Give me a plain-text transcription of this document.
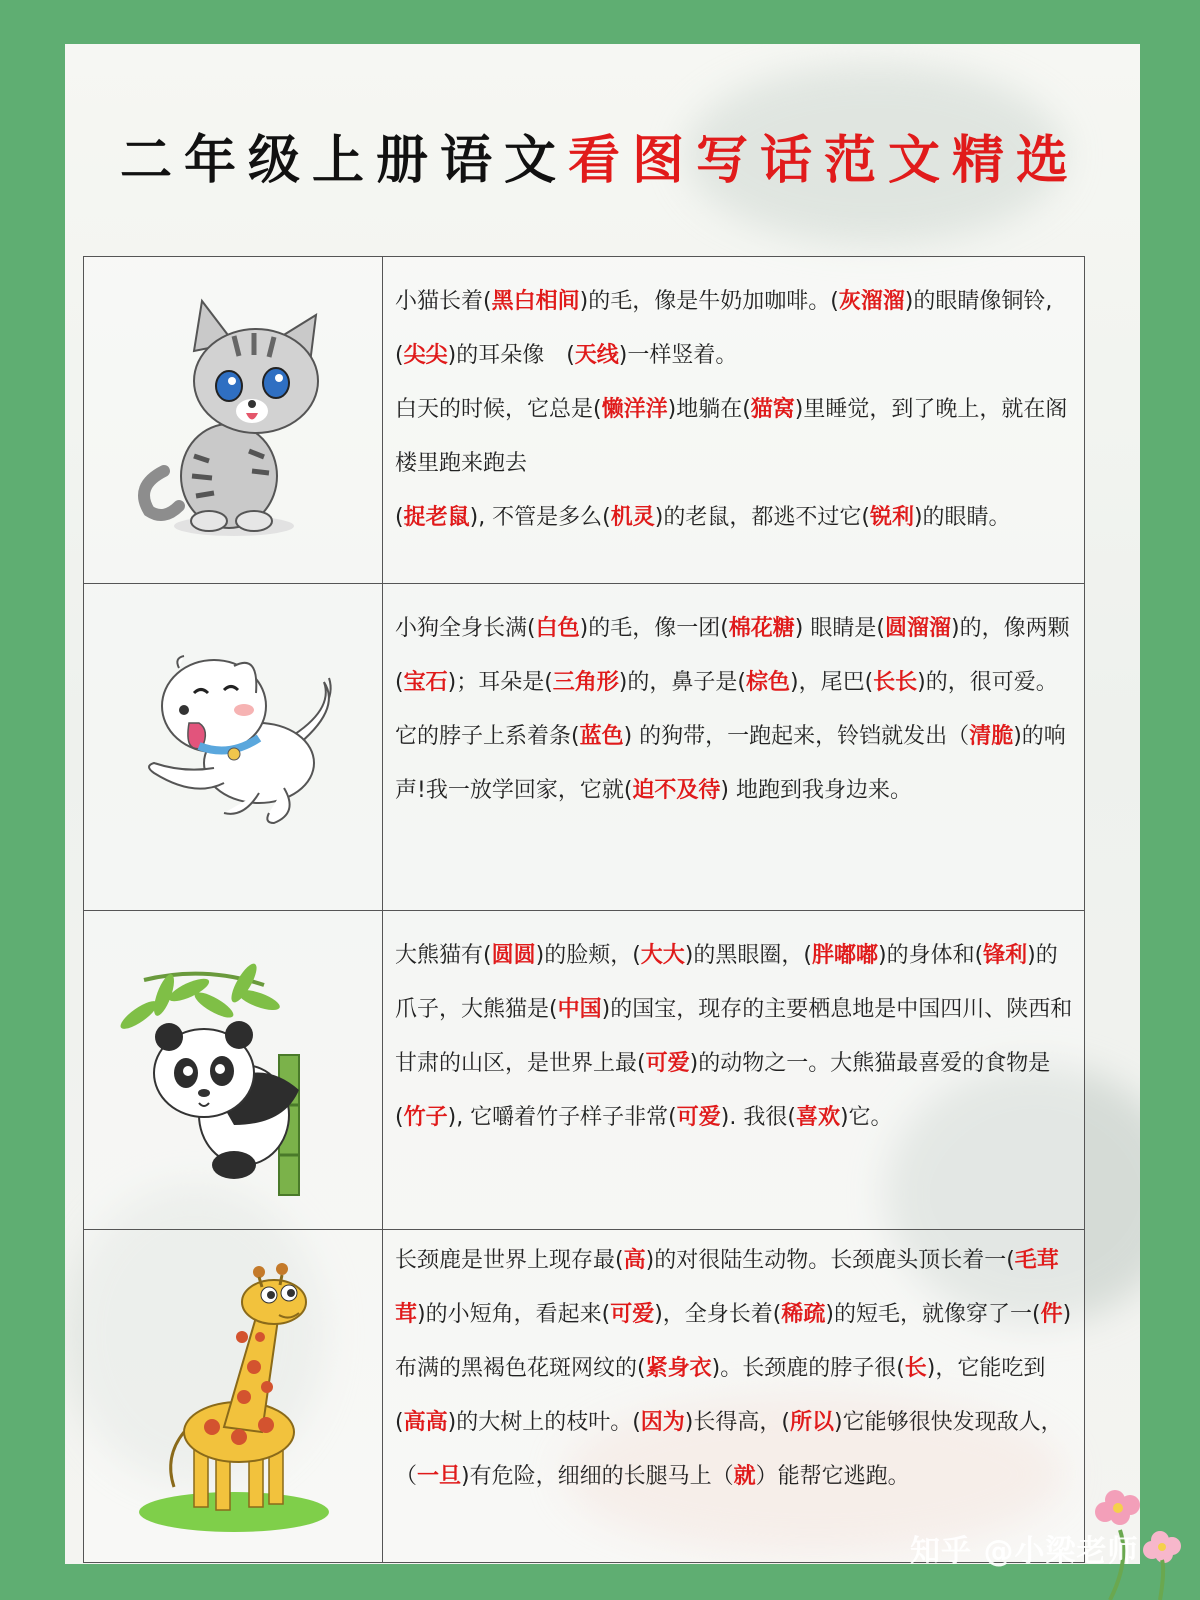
二年级上册语文看图写话范文精选

小猫长着(黑白相间)的毛，像是牛奶加咖啡。(灰溜溜)的眼睛像铜铃,(尖尖)的耳朵像　(天线)一样竖着。

白天的时候，它总是(懒洋洋)地躺在(猫窝)里睡觉，到了晚上，就在阁楼里跑来跑去

(捉老鼠), 不管是多么(机灵)的老鼠，都逃不过它(锐利)的眼睛。

小狗全身长满(白色)的毛，像一团(棉花糖) 眼睛是(圆溜溜)的，像两颗(宝石)；耳朵是(三角形)的，鼻子是(棕色)，尾巴(长长)的，很可爱。它的脖子上系着条(蓝色) 的狗带，一跑起来，铃铛就发出（清脆)的响声!我一放学回家，它就(迫不及待) 地跑到我身边来。

大熊猫有(圆圆)的脸颊，(大大)的黑眼圈，(胖嘟嘟)的身体和(锋利)的爪子，大熊猫是(中国)的国宝，现存的主要栖息地是中国四川、陕西和甘肃的山区，是世界上最(可爱)的动物之一。大熊猫最喜爱的食物是(竹子), 它嚼着竹子样子非常(可爱). 我很(喜欢)它。

长颈鹿是世界上现存最(高)的对很陆生动物。长颈鹿头顶长着一(毛茸茸)的小短角，看起来(可爱)，全身长着(稀疏)的短毛，就像穿了一(件)布满的黑褐色花斑网纹的(紧身衣)。长颈鹿的脖子很(长)，它能吃到(高高)的大树上的枝叶。(因为)长得高，(所以)它能够很快发现敌人，（一旦)有危险，细细的长腿马上（就）能帮它逃跑。

知乎 @小梁老师
